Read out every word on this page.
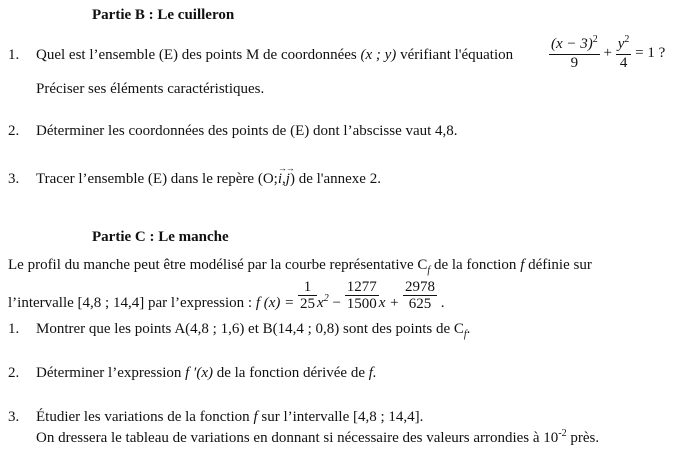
Partie B : Le cuilleron
1. Quel est l’ensemble (E) des points M de coordonnées (x ; y) vérifiant l'équation $\frac{(x - 3)^2}{9} + \frac{y^2}{4} = 1$ ?
Préciser ses éléments caractéristiques.
2. Déterminer les coordonnées des points de (E) dont l’abscisse vaut 4,8.
3. Tracer l’ensemble (E) dans le repère (O;→ i,→ j) de l'annexe 2.
Partie C : Le manche
Le profil du manche peut être modélisé par la courbe représentative $C_f$ de la fonction f définie sur
l’intervalle [4,8 ; 14,4] par l’expression : f $(x) = \frac{1}{25} x^2 - \frac{1277}{1500}$ $x + \frac{2978}{625}$ .
1. Montrer que les points A(4,8 ; 1,6) et B(14,4 ; 0,8) sont des points de $C_f$.
2. Déterminer l’expression f ′(x) de la fonction dérivée de f.
3. Étudier les variations de la fonction f sur l’intervalle [4,8 ; 14,4].
On dressera le tableau de variations en donnant si nécessaire des valeurs arrondies à $10^{-2}$ près.
